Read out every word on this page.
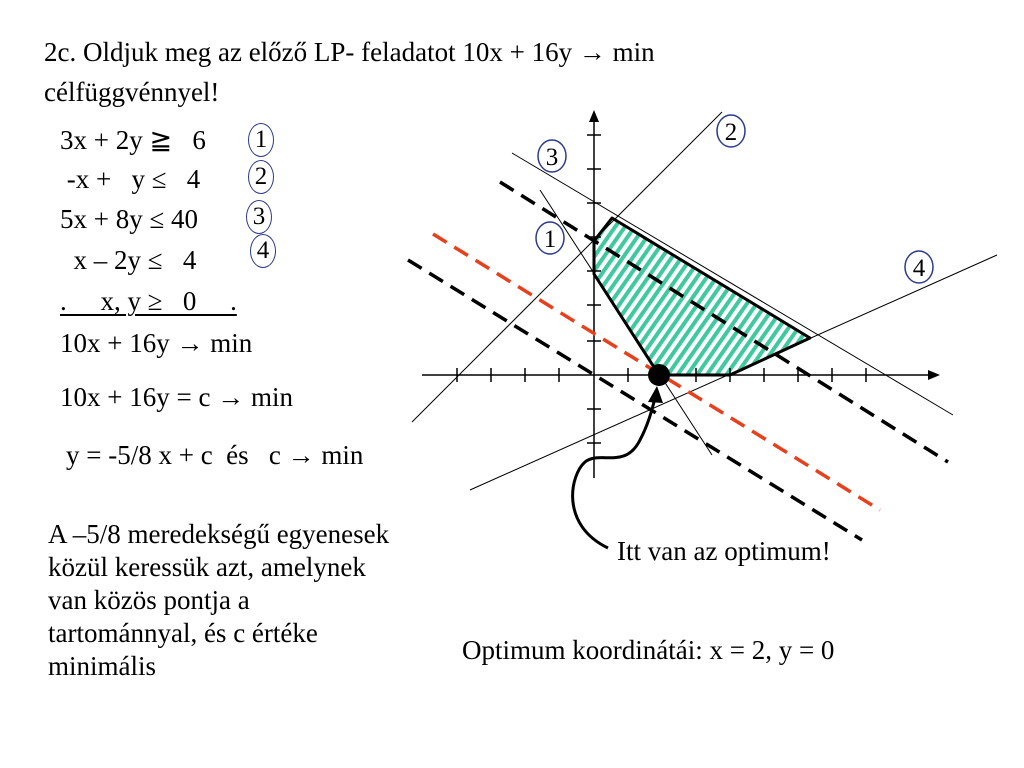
2c. Oldjuk meg az előző LP- feladatot 10x + 16y → min
célfüggvénnyel!
3x + 2y ≧   6 1
-x +   y ≤   4 2
5x + 8y ≤ 40 3
x – 2y ≤   4 4
.     x, y ≥   0     .
10x + 16y → min
10x + 16y = c → min
y = -5/8 x + c  és   c → min
A –5/8 meredekségű egyenesek
közül keressük azt, amelynek
van közös pontja a
tartománnyal, és c értéke
minimális
2
3
1
4
Itt van az optimum!
Optimum koordinátái: x = 2, y = 0
